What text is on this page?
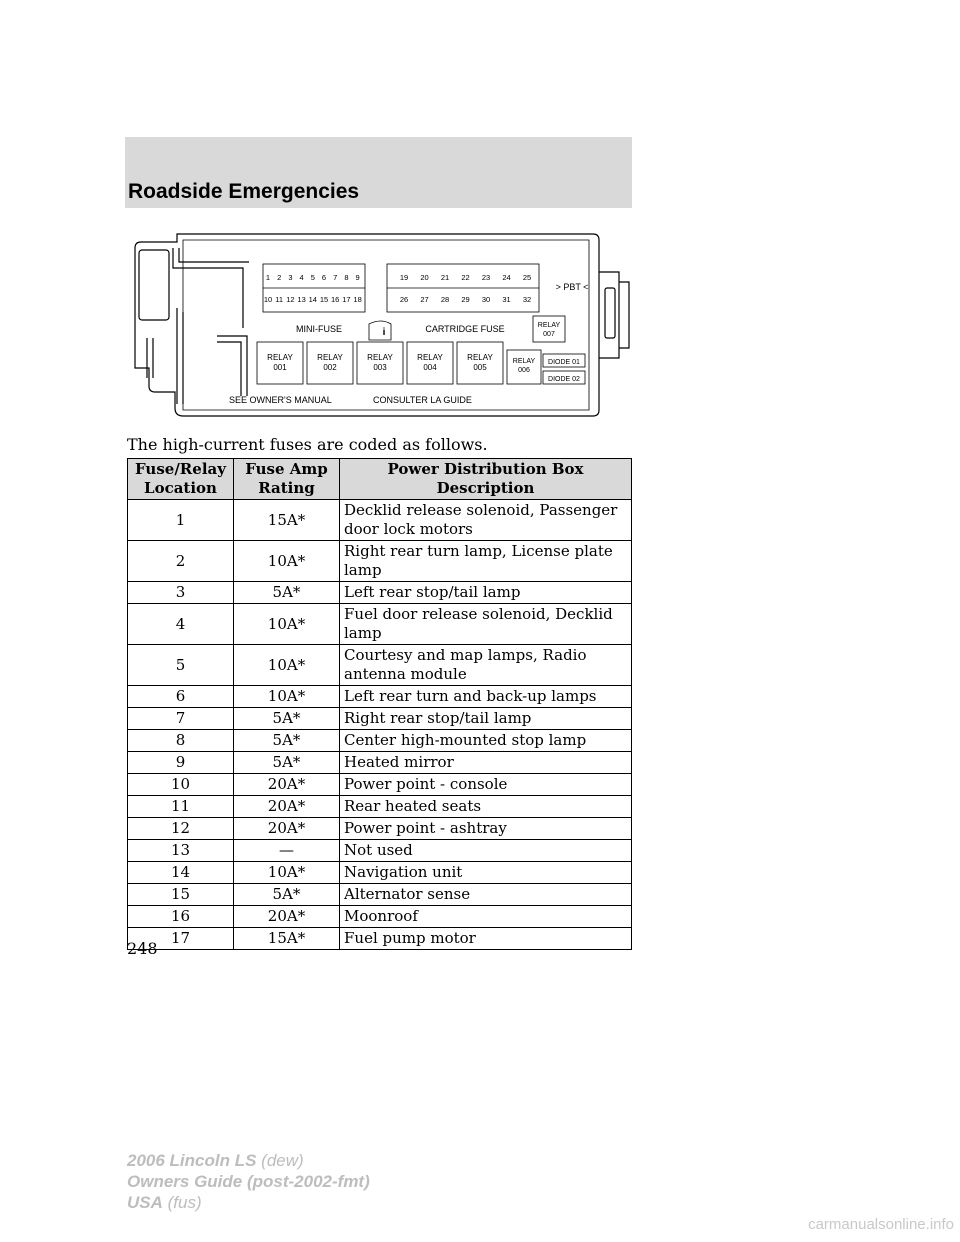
Roadside Emergencies
1 2 3 4 5 6 7 8 9
10 11 12 13 14 15 16 17 18
19 20 21 22 23 24 25
26 27 28 29 30 31 32
> PBT <
MINI-FUSE	i	CARTRIDGE FUSE	RELAY
007
RELAY
001
RELAY
002
RELAY
003
RELAY
004
RELAY
005
RELAY
006
DIODE 01
DIODE 02
SEE OWNER'S MANUAL	CONSULTER LA GUIDE
The high-current fuses are coded as follows.
Fuse/Relay Location	Fuse Amp Rating	Power Distribution Box Description
1	15A*	Decklid release solenoid, Passenger door lock motors
2	10A*	Right rear turn lamp, License plate lamp
3	5A*	Left rear stop/tail lamp
4	10A*	Fuel door release solenoid, Decklid lamp
5	10A*	Courtesy and map lamps, Radio antenna module
6	10A*	Left rear turn and back-up lamps
7	5A*	Right rear stop/tail lamp
8	5A*	Center high-mounted stop lamp
9	5A*	Heated mirror
10	20A*	Power point - console
11	20A*	Rear heated seats
12	20A*	Power point - ashtray
13	—	Not used
14	10A*	Navigation unit
15	5A*	Alternator sense
16	20A*	Moonroof
17	15A*	Fuel pump motor
248
2006 Lincoln LS (dew)
Owners Guide (post-2002-fmt)
USA (fus)
carmanualsonline.info
